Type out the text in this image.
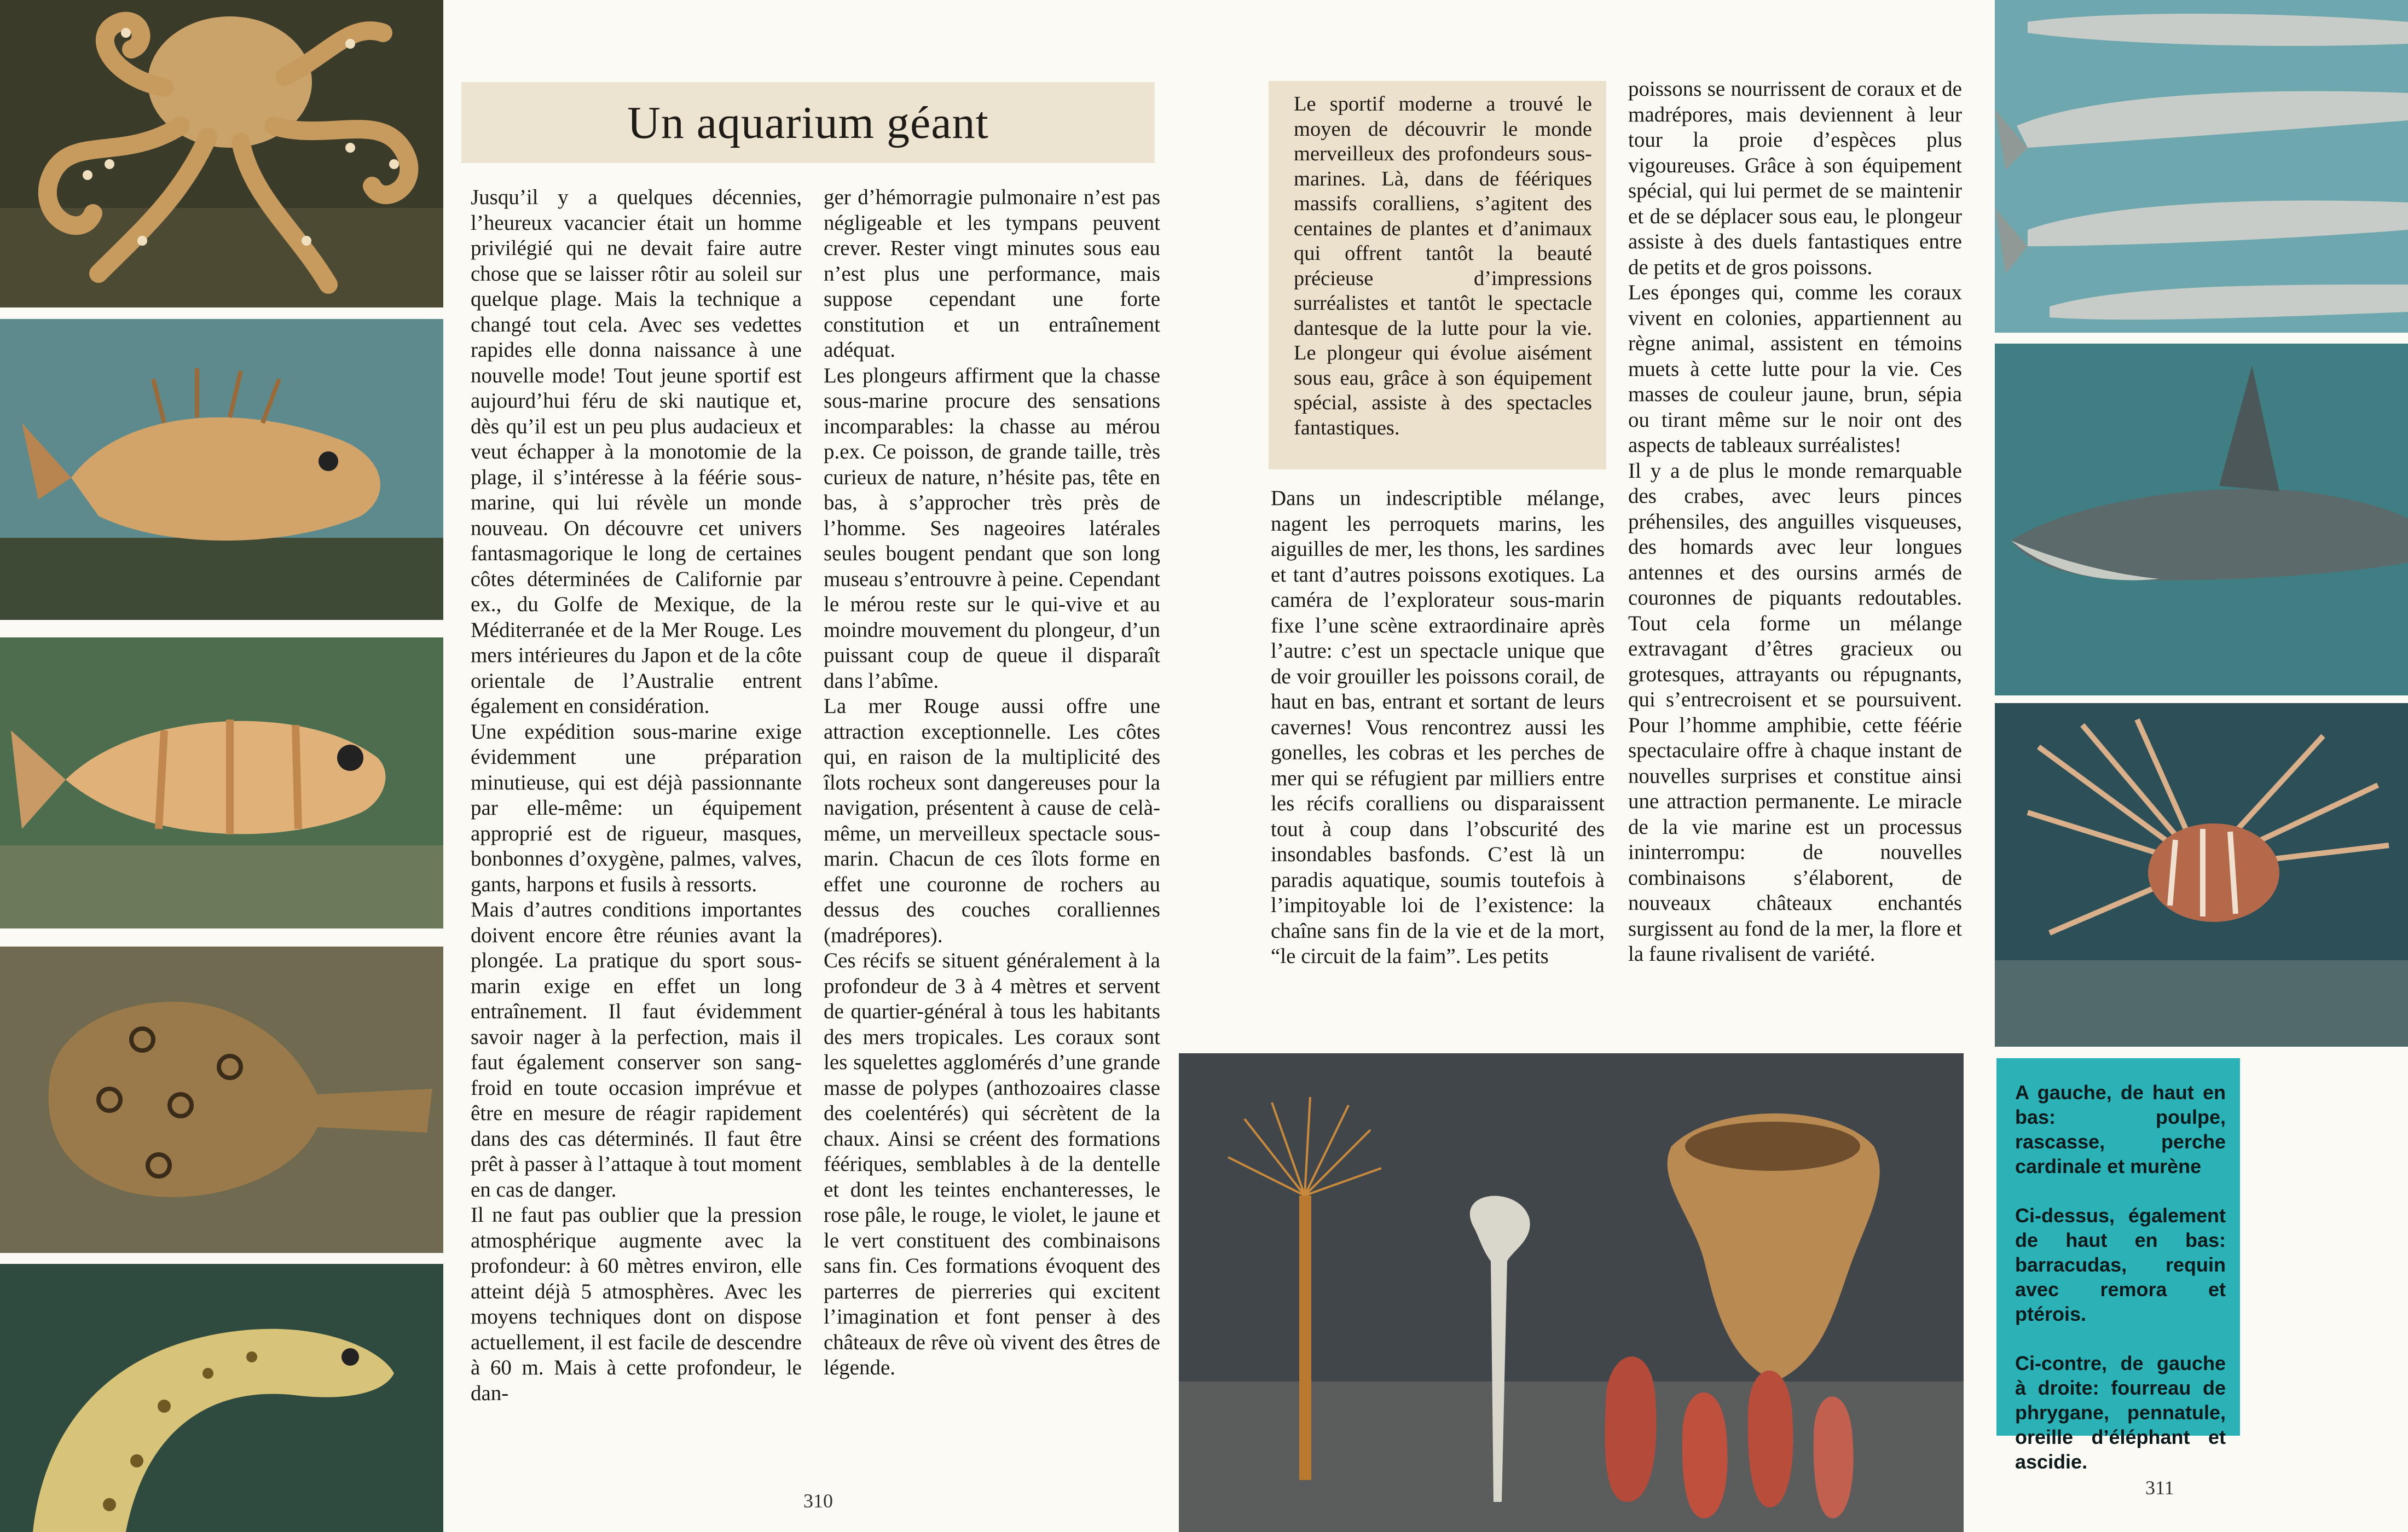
Un aquarium géant

Jusqu’il y a quelques décennies, l’heureux vacancier était un homme privilégié qui ne devait faire autre chose que se laisser rôtir au soleil sur quelque plage. Mais la technique a changé tout cela. Avec ses vedettes rapides elle donna naissance à une nouvelle mode! Tout jeune sportif est aujourd’hui féru de ski nautique et, dès qu’il est un peu plus audacieux et veut échapper à la monotomie de la plage, il s’intéresse à la féérie sous-marine, qui lui révèle un monde nouveau. On découvre cet univers fantasmagorique le long de certaines côtes déterminées de Californie par ex., du Golfe de Mexique, de la Méditerranée et de la Mer Rouge. Les mers intérieures du Japon et de la côte orientale de l’Australie entrent également en considération.

Une expédition sous-marine exige évidemment une préparation minutieuse, qui est déjà passionnante par elle-même: un équipement approprié est de rigueur, masques, bonbonnes d’oxygène, palmes, valves, gants, harpons et fusils à ressorts.

Mais d’autres conditions importantes doivent encore être réunies avant la plongée. La pratique du sport sous-marin exige en effet un long entraînement. Il faut évidemment savoir nager à la perfection, mais il faut également conserver son sang-froid en toute occasion imprévue et être en mesure de réagir rapidement dans des cas déterminés. Il faut être prêt à passer à l’attaque à tout moment en cas de danger.

Il ne faut pas oublier que la pression atmosphérique augmente avec la profondeur: à 60 mètres environ, elle atteint déjà 5 atmosphères. Avec les moyens techniques dont on dispose actuellement, il est facile de descendre à 60 m. Mais à cette profondeur, le dan-

ger d’hémorragie pulmonaire n’est pas négligeable et les tympans peuvent crever. Rester vingt minutes sous eau n’est plus une performance, mais suppose cependant une forte constitution et un entraînement adéquat.

Les plongeurs affirment que la chasse sous-marine procure des sensations incomparables: la chasse au mérou p.ex. Ce poisson, de grande taille, très curieux de nature, n’hésite pas, tête en bas, à s’approcher très près de l’homme. Ses nageoires latérales seules bougent pendant que son long museau s’entrouvre à peine. Cependant le mérou reste sur le qui-vive et au moindre mouvement du plongeur, d’un puissant coup de queue il disparaît dans l’abîme.

La mer Rouge aussi offre une attraction exceptionnelle. Les côtes qui, en raison de la multiplicité des îlots rocheux sont dangereuses pour la navigation, présentent à cause de celà-même, un merveilleux spectacle sous-marin. Chacun de ces îlots forme en effet une couronne de rochers au dessus des couches coralliennes (madrépores).

Ces récifs se situent généralement à la profondeur de 3 à 4 mètres et servent de quartier-général à tous les habitants des mers tropicales. Les coraux sont les squelettes agglomérés d’une grande masse de polypes (anthozoaires classe des coelentérés) qui sécrètent de la chaux. Ainsi se créent des formations féériques, semblables à de la dentelle et dont les teintes enchanteresses, le rose pâle, le rouge, le violet, le jaune et le vert constituent des combinaisons sans fin. Ces formations évoquent des parterres de pierreries qui excitent l’imagination et font penser à des châteaux de rêve où vivent des êtres de légende.

310
Le sportif moderne a trouvé le moyen de découvrir le monde merveilleux des profondeurs sous-marines. Là, dans de féériques massifs coralliens, s’agitent des centaines de plantes et d’animaux qui offrent tantôt la beauté précieuse d’impressions surréalistes et tantôt le spectacle dantesque de la lutte pour la vie. Le plongeur qui évolue aisément sous eau, grâce à son équipement spécial, assiste à des spectacles fantastiques.

Dans un indescriptible mélange, nagent les perroquets marins, les aiguilles de mer, les thons, les sardines et tant d’autres poissons exotiques. La caméra de l’explorateur sous-marin fixe l’une scène extraordinaire après l’autre: c’est un spectacle unique que de voir grouiller les poissons corail, de haut en bas, entrant et sortant de leurs cavernes! Vous rencontrez aussi les gonelles, les cobras et les perches de mer qui se réfugient par milliers entre les récifs coralliens ou disparaissent tout à coup dans l’obscurité des insondables basfonds. C’est là un paradis aquatique, soumis toutefois à l’impitoyable loi de l’existence: la chaîne sans fin de la vie et de la mort, “le circuit de la faim”. Les petits

poissons se nourrissent de coraux et de madrépores, mais deviennent à leur tour la proie d’espèces plus vigoureuses. Grâce à son équipement spécial, qui lui permet de se maintenir et de se déplacer sous eau, le plongeur assiste à des duels fantastiques entre de petits et de gros poissons.

Les éponges qui, comme les coraux vivent en colonies, appartiennent au règne animal, assistent en témoins muets à cette lutte pour la vie. Ces masses de couleur jaune, brun, sépia ou tirant même sur le noir ont des aspects de tableaux surréalistes!

Il y a de plus le monde remarquable des crabes, avec leurs pinces préhensiles, des anguilles visqueuses, des homards avec leur longues antennes et des oursins armés de couronnes de piquants redoutables. Tout cela forme un mélange extravagant d’êtres gracieux ou grotesques, attrayants ou répugnants, qui s’entrecroisent et se poursuivent. Pour l’homme amphibie, cette féérie spectaculaire offre à chaque instant de nouvelles surprises et constitue ainsi une attraction permanente. Le miracle de la vie marine est un processus ininterrompu: de nouvelles combinaisons s’élaborent, de nouveaux châteaux enchantés surgissent au fond de la mer, la flore et la faune rivalisent de variété.

A gauche, de haut en bas: poulpe, rascasse, perche cardinale et murène

Ci-dessus, également de haut en bas: barracudas, requin avec remora et ptérois.

Ci-contre, de gauche à droite: fourreau de phrygane, pennatule, oreille d’éléphant et ascidie.

311
